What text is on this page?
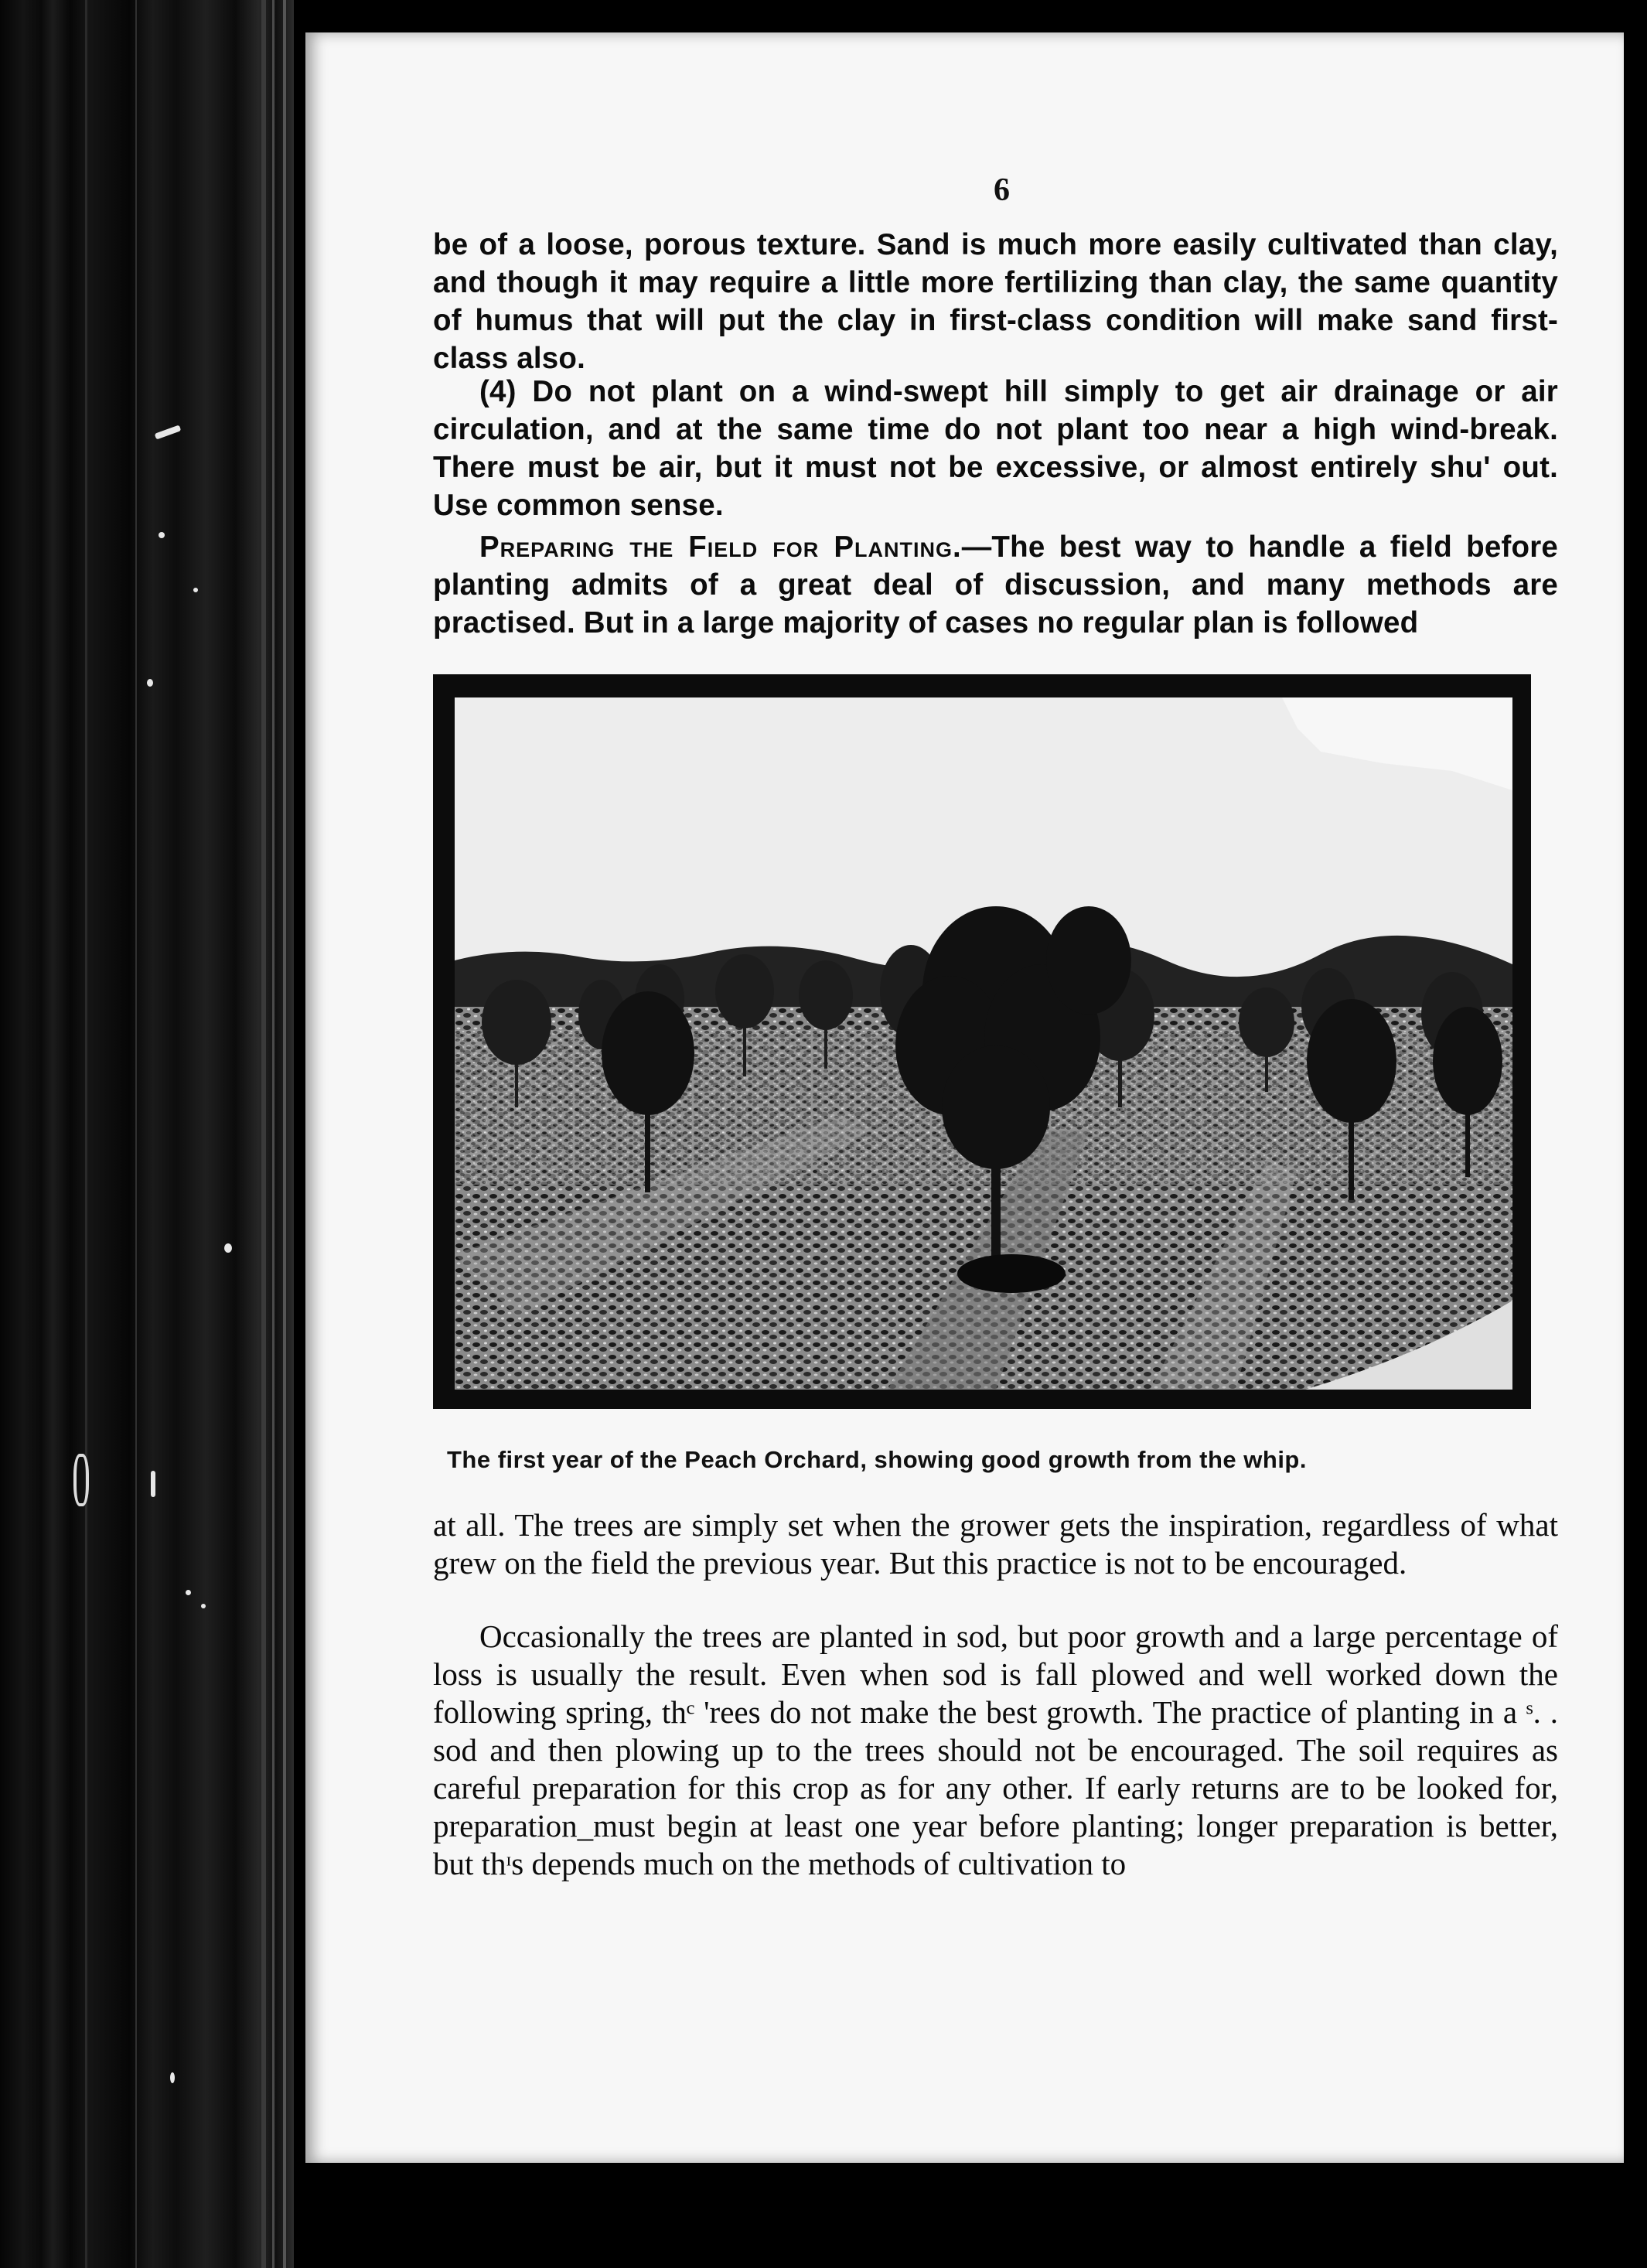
6

be of a loose, porous texture. Sand is much more easily cultivated than clay, and though it may require a little more fertilizing than clay, the same quantity of humus that will put the clay in first-class condition will make sand first-class also.

(4) Do not plant on a wind-swept hill simply to get air drainage or air circulation, and at the same time do not plant too near a high wind-break. There must be air, but it must not be excessive, or almost entirely shu' out. Use common sense.

Preparing the Field for Planting.—The best way to handle a field before planting admits of a great deal of discussion, and many methods are practised. But in a large majority of cases no regular plan is followed

The first year of the Peach Orchard, showing good growth from the whip.

at all. The trees are simply set when the grower gets the inspiration, regardless of what grew on the field the previous year. But this practice is not to be encouraged.

Occasionally the trees are planted in sod, but poor growth and a large percentage of loss is usually the result. Even when sod is fall plowed and well worked down the following spring, thᶜ 'rees do not make the best growth. The practice of planting in a ˢ. . sod and then plowing up to the trees should not be encouraged. The soil requires as careful preparation for this crop as for any other. If early returns are to be looked for, preparation_must begin at least one year before planting; longer preparation is better, but thᶦs depends much on the methods of cultivation to
